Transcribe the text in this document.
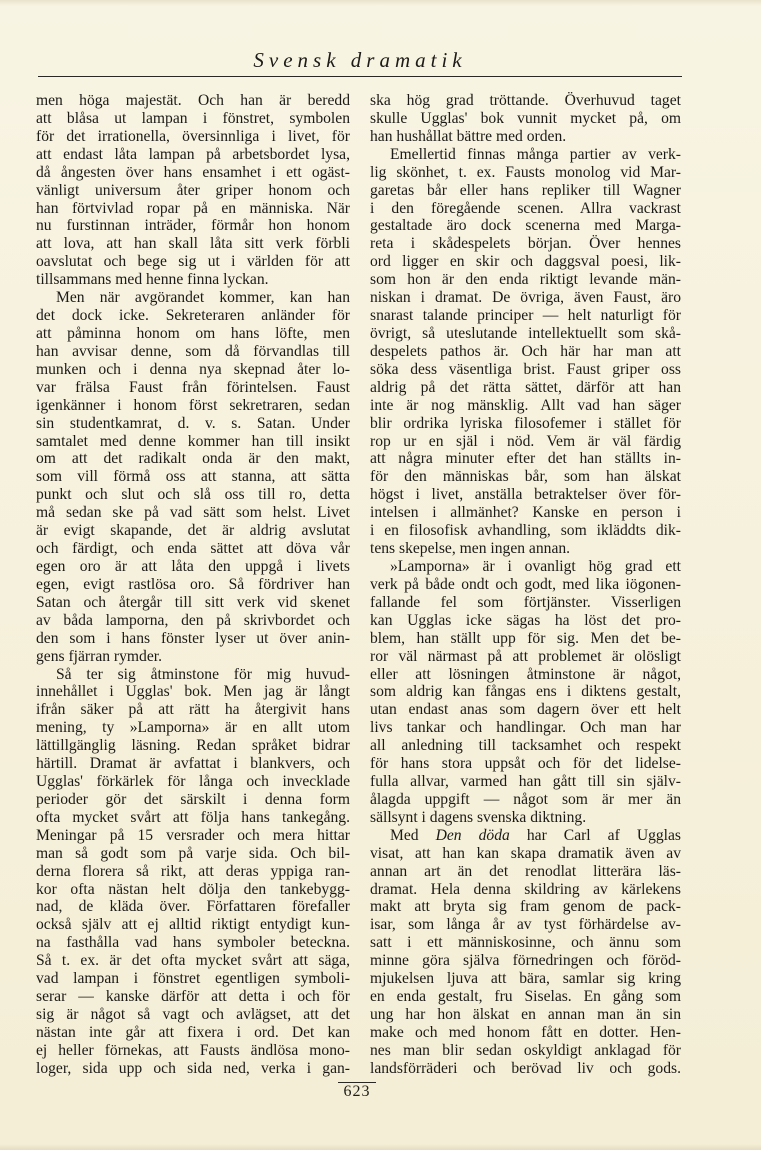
Svensk dramatik
men höga majestät. Och han är beredd
att blåsa ut lampan i fönstret, symbolen
för det irrationella, översinnliga i livet, för
att endast låta lampan på arbetsbordet lysa,
då ångesten över hans ensamhet i ett ogäst-
vänligt universum åter griper honom och
han förtvivlad ropar på en människa. När
nu furstinnan inträder, förmår hon honom
att lova, att han skall låta sitt verk förbli
oavslutat och bege sig ut i världen för att
tillsammans med henne finna lyckan.
Men när avgörandet kommer, kan han
det dock icke. Sekreteraren anländer för
att påminna honom om hans löfte, men
han avvisar denne, som då förvandlas till
munken och i denna nya skepnad åter lo-
var frälsa Faust från förintelsen. Faust
igenkänner i honom först sekretraren, sedan
sin studentkamrat, d. v. s. Satan. Under
samtalet med denne kommer han till insikt
om att det radikalt onda är den makt,
som vill förmå oss att stanna, att sätta
punkt och slut och slå oss till ro, detta
må sedan ske på vad sätt som helst. Livet
är evigt skapande, det är aldrig avslutat
och färdigt, och enda sättet att döva vår
egen oro är att låta den uppgå i livets
egen, evigt rastlösa oro. Så fördriver han
Satan och återgår till sitt verk vid skenet
av båda lamporna, den på skrivbordet och
den som i hans fönster lyser ut över anin-
gens fjärran rymder.
Så ter sig åtminstone för mig huvud-
innehållet i Ugglas' bok. Men jag är långt
ifrån säker på att rätt ha återgivit hans
mening, ty »Lamporna» är en allt utom
lättillgänglig läsning. Redan språket bidrar
härtill. Dramat är avfattat i blankvers, och
Ugglas' förkärlek för långa och invecklade
perioder gör det särskilt i denna form
ofta mycket svårt att följa hans tankegång.
Meningar på 15 versrader och mera hittar
man så godt som på varje sida. Och bil-
derna florera så rikt, att deras yppiga ran-
kor ofta nästan helt dölja den tankebygg-
nad, de kläda över. Författaren förefaller
också själv att ej alltid riktigt entydigt kun-
na fasthålla vad hans symboler beteckna.
Så t. ex. är det ofta mycket svårt att säga,
vad lampan i fönstret egentligen symboli-
serar — kanske därför att detta i och för
sig är något så vagt och avlägset, att det
nästan inte går att fixera i ord. Det kan
ej heller förnekas, att Fausts ändlösa mono-
loger, sida upp och sida ned, verka i gan-
ska hög grad tröttande. Överhuvud taget
skulle Ugglas' bok vunnit mycket på, om
han hushållat bättre med orden.
Emellertid finnas många partier av verk-
lig skönhet, t. ex. Fausts monolog vid Mar-
garetas bår eller hans repliker till Wagner
i den föregående scenen. Allra vackrast
gestaltade äro dock scenerna med Marga-
reta i skådespelets början. Över hennes
ord ligger en skir och daggsval poesi, lik-
som hon är den enda riktigt levande män-
niskan i dramat. De övriga, även Faust, äro
snarast talande principer — helt naturligt för
övrigt, så uteslutande intellektuellt som skå-
despelets pathos är. Och här har man att
söka dess väsentliga brist. Faust griper oss
aldrig på det rätta sättet, därför att han
inte är nog mänsklig. Allt vad han säger
blir ordrika lyriska filosofemer i stället för
rop ur en själ i nöd. Vem är väl färdig
att några minuter efter det han ställts in-
för den människas bår, som han älskat
högst i livet, anställa betraktelser över för-
intelsen i allmänhet? Kanske en person i
i en filosofisk avhandling, som ikläddts dik-
tens skepelse, men ingen annan.
»Lamporna» är i ovanligt hög grad ett
verk på både ondt och godt, med lika iögonen-
fallande fel som förtjänster. Visserligen
kan Ugglas icke sägas ha löst det pro-
blem, han ställt upp för sig. Men det be-
ror väl närmast på att problemet är olösligt
eller att lösningen åtminstone är något,
som aldrig kan fångas ens i diktens gestalt,
utan endast anas som dagern över ett helt
livs tankar och handlingar. Och man har
all anledning till tacksamhet och respekt
för hans stora uppsåt och för det lidelse-
fulla allvar, varmed han gått till sin själv-
ålagda uppgift — något som är mer än
sällsynt i dagens svenska diktning.
Med Den döda har Carl af Ugglas
visat, att han kan skapa dramatik även av
annan art än det renodlat litterära läs-
dramat. Hela denna skildring av kärlekens
makt att bryta sig fram genom de pack-
isar, som långa år av tyst förhärdelse av-
satt i ett människosinne, och ännu som
minne göra själva förnedringen och föröd-
mjukelsen ljuva att bära, samlar sig kring
en enda gestalt, fru Siselas. En gång som
ung har hon älskat en annan man än sin
make och med honom fått en dotter. Hen-
nes man blir sedan oskyldigt anklagad för
landsförräderi och berövad liv och gods.
623
